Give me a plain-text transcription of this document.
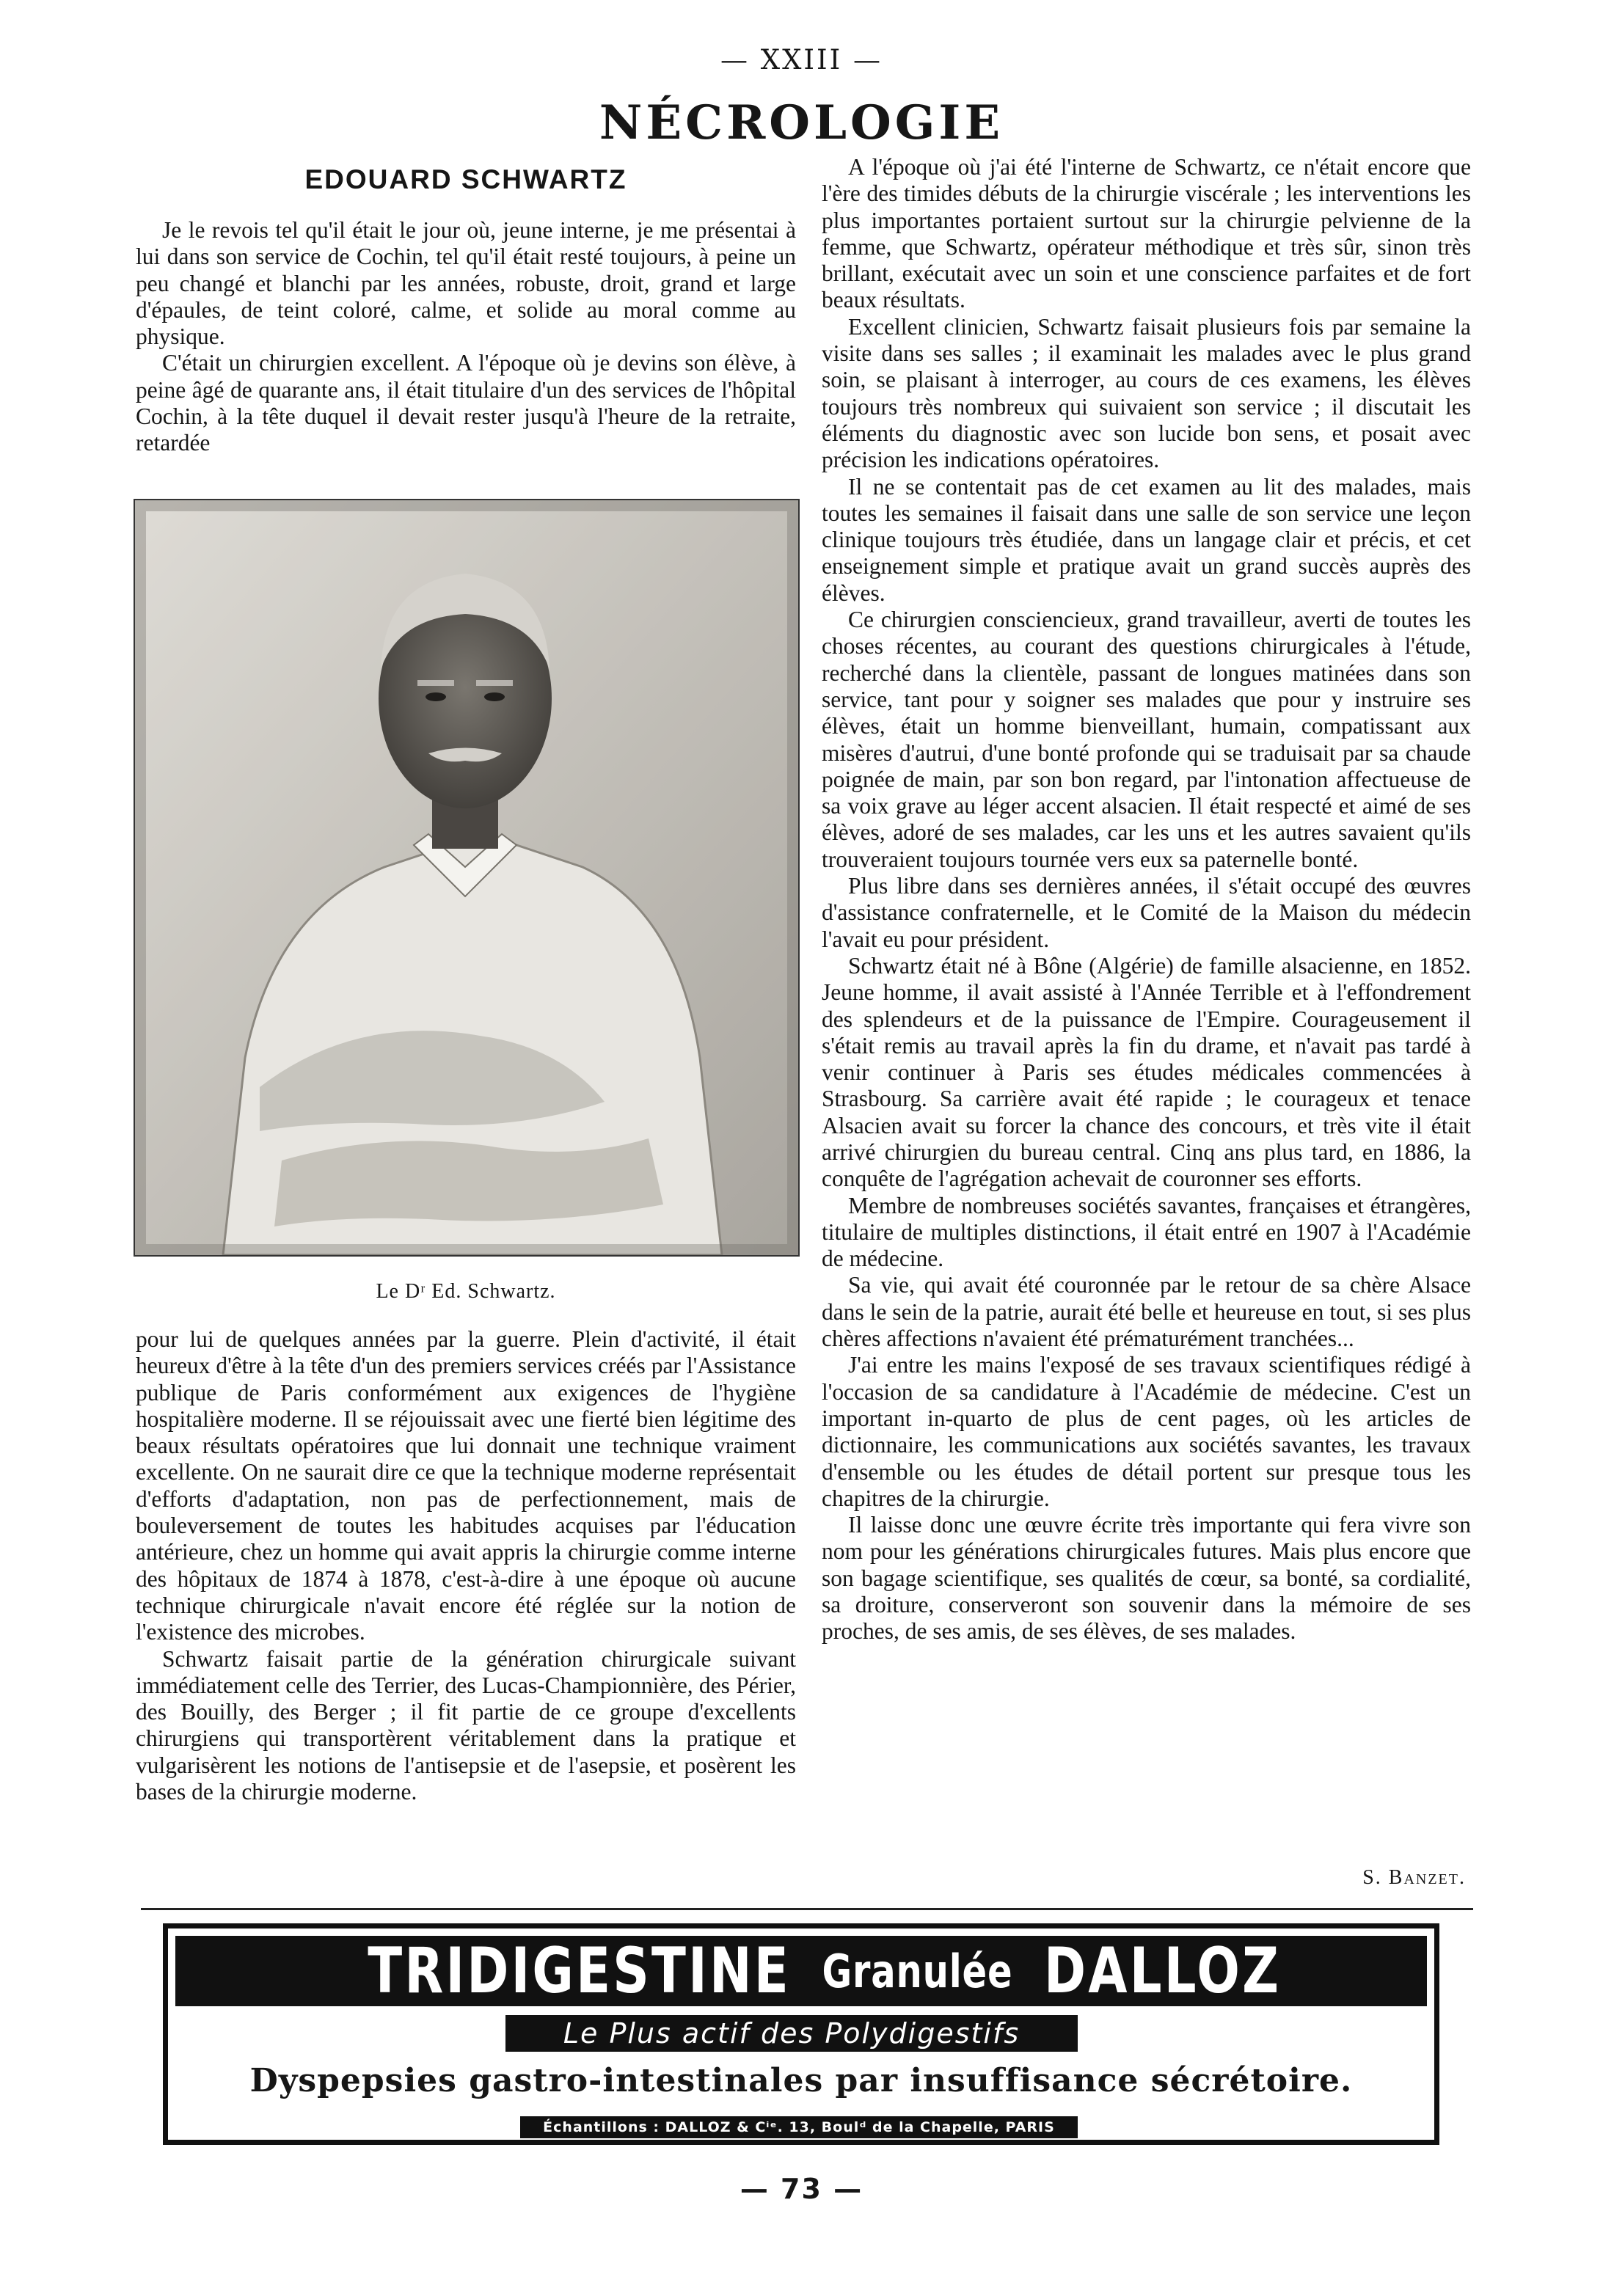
— XXIII —
NÉCROLOGIE
EDOUARD SCHWARTZ

Je le revois tel qu'il était le jour où, jeune interne, je me présentai à lui dans son service de Cochin, tel qu'il était resté toujours, à peine un peu changé et blanchi par les années, robuste, droit, grand et large d'épaules, de teint coloré, calme, et solide au moral comme au physique.

C'était un chirurgien excellent. A l'époque où je devins son élève, à peine âgé de quarante ans, il était titulaire d'un des services de l'hôpital Cochin, à la tête duquel il devait rester jusqu'à l'heure de la retraite, retardée

Le Dʳ Ed. Schwartz.

pour lui de quelques années par la guerre. Plein d'activité, il était heureux d'être à la tête d'un des premiers services créés par l'Assistance publique de Paris conformément aux exigences de l'hygiène hospitalière moderne. Il se réjouissait avec une fierté bien légitime des beaux résultats opératoires que lui donnait une technique vraiment excellente. On ne saurait dire ce que la technique moderne représentait d'efforts d'adaptation, non pas de perfectionnement, mais de bouleversement de toutes les habitudes acquises par l'éducation antérieure, chez un homme qui avait appris la chirurgie comme interne des hôpitaux de 1874 à 1878, c'est-à-dire à une époque où aucune technique chirurgicale n'avait encore été réglée sur la notion de l'existence des microbes.

Schwartz faisait partie de la génération chirurgicale suivant immédiatement celle des Terrier, des Lucas-Championnière, des Périer, des Bouilly, des Berger ; il fit partie de ce groupe d'excellents chirurgiens qui transportèrent véritablement dans la pratique et vulgarisèrent les notions de l'antisepsie et de l'asepsie, et posèrent les bases de la chirurgie moderne.

A l'époque où j'ai été l'interne de Schwartz, ce n'était encore que l'ère des timides débuts de la chirurgie viscérale ; les interventions les plus importantes portaient surtout sur la chirurgie pelvienne de la femme, que Schwartz, opérateur méthodique et très sûr, sinon très brillant, exécutait avec un soin et une conscience parfaites et de fort beaux résultats.

Excellent clinicien, Schwartz faisait plusieurs fois par semaine la visite dans ses salles ; il examinait les malades avec le plus grand soin, se plaisant à interroger, au cours de ces examens, les élèves toujours très nombreux qui suivaient son service ; il discutait les éléments du diagnostic avec son lucide bon sens, et posait avec précision les indications opératoires.

Il ne se contentait pas de cet examen au lit des malades, mais toutes les semaines il faisait dans une salle de son service une leçon clinique toujours très étudiée, dans un langage clair et précis, et cet enseignement simple et pratique avait un grand succès auprès des élèves.

Ce chirurgien consciencieux, grand travailleur, averti de toutes les choses récentes, au courant des questions chirurgicales à l'étude, recherché dans la clientèle, passant de longues matinées dans son service, tant pour y soigner ses malades que pour y instruire ses élèves, était un homme bienveillant, humain, compatissant aux misères d'autrui, d'une bonté profonde qui se traduisait par sa chaude poignée de main, par son bon regard, par l'intonation affectueuse de sa voix grave au léger accent alsacien. Il était respecté et aimé de ses élèves, adoré de ses malades, car les uns et les autres savaient qu'ils trouveraient toujours tournée vers eux sa paternelle bonté.

Plus libre dans ses dernières années, il s'était occupé des œuvres d'assistance confraternelle, et le Comité de la Maison du médecin l'avait eu pour président.

Schwartz était né à Bône (Algérie) de famille alsacienne, en 1852. Jeune homme, il avait assisté à l'Année Terrible et à l'effondrement des splendeurs et de la puissance de l'Empire. Courageusement il s'était remis au travail après la fin du drame, et n'avait pas tardé à venir continuer à Paris ses études médicales commencées à Strasbourg. Sa carrière avait été rapide ; le courageux et tenace Alsacien avait su forcer la chance des concours, et très vite il était arrivé chirurgien du bureau central. Cinq ans plus tard, en 1886, la conquête de l'agrégation achevait de couronner ses efforts.

Membre de nombreuses sociétés savantes, françaises et étrangères, titulaire de multiples distinctions, il était entré en 1907 à l'Académie de médecine.

Sa vie, qui avait été couronnée par le retour de sa chère Alsace dans le sein de la patrie, aurait été belle et heureuse en tout, si ses plus chères affections n'avaient été prématurément tranchées...

J'ai entre les mains l'exposé de ses travaux scientifiques rédigé à l'occasion de sa candidature à l'Académie de médecine. C'est un important in-quarto de plus de cent pages, où les articles de dictionnaire, les communications aux sociétés savantes, les travaux d'ensemble ou les études de détail portent sur presque tous les chapitres de la chirurgie.

Il laisse donc une œuvre écrite très importante qui fera vivre son nom pour les générations chirurgicales futures. Mais plus encore que son bagage scientifique, ses qualités de cœur, sa bonté, sa cordialité, sa droiture, conserveront son souvenir dans la mémoire de ses proches, de ses amis, de ses élèves, de ses malades.

S. Banzet.
TRIDIGESTINE Granulée DALLOZ
Le Plus actif des Polydigestifs
Dyspepsies gastro-intestinales par insuffisance sécrétoire.
Échantillons : DALLOZ & Cⁱᵉ. 13, Boulᵈ de la Chapelle, PARIS
— 73 —
